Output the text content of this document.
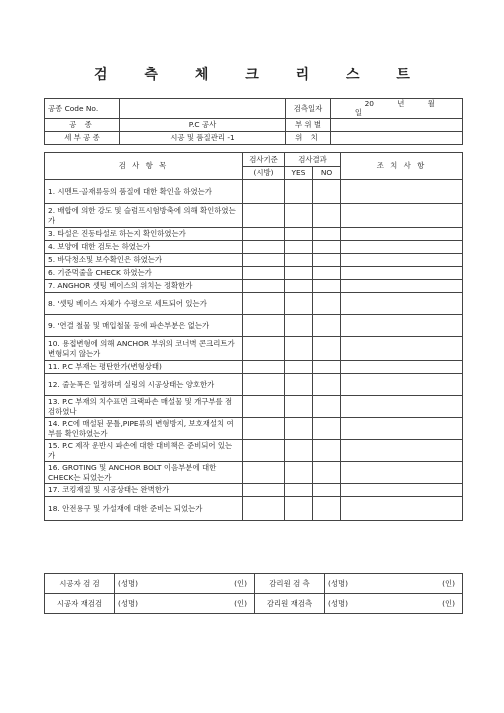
검 측 체 크 리 스 트
공종 Code No.		검측일자	20 년 월 일
공 종	P.C 공사	부 위 별	
세 부 공 종	시공 및 품질관리 -1	위 치	
검 사 항 목	검사기준	검사결과		조 치 사 항
	(시방)	YES	NO	
1. 시멘트·골재류등의 품질에 대한 확인을 하였는가				
2. 배합에 의한 강도 및 슬럼프시험방축에 의해 확인하였는가				
3. 타설은 진동타설로 하는지 확인하였는가				
4. 보양에 대한 검토는 하였는가				
5. 바닥청소및 보수확인은 하였는가				
6. 기준먹줄을 CHECK 하였는가				
7. ANGHOR 셋팅 베이스의 위치는 정확한가				
8. '셋팅 베이스 자체가 수평으로 세트되어 있는가				
9. '연결 철물 및 매입철물 등에 파손부분은 없는가				
10. 용접변형에 의해 ANCHOR 부위의 코너벽 콘크리트가 변형되지 않는가				
11. P.C 부재는 평탄한가(변형상태)				
12. 줄눈폭은 일정하며 실링의 시공상태는 양호한가				
13. P.C 부재의 치수표면 크랙파손 매설물 및 개구부를 점검하였나				
14. P.C에 매설된 문틀,PIPE류의 변형방지, 보호재설치 여부를 확인하였는가				
15. P.C 제작 운반시 파손에 대한 대비책은 준비되어 있는가				
16. GROTING 및 ANCHOR BOLT 이음부분에 대한 CHECK는 되었는가				
17. 코킹재질 및 시공상태는 완벽한가				
18. 안전용구 및 가설재에 대한 준비는 되었는가				
시공자 검 검	(성명) (인)	감리원 검 측	(성명) (인)

시공자 재검검	(성명) (인)	감리원 재검측	(성명) (인)
